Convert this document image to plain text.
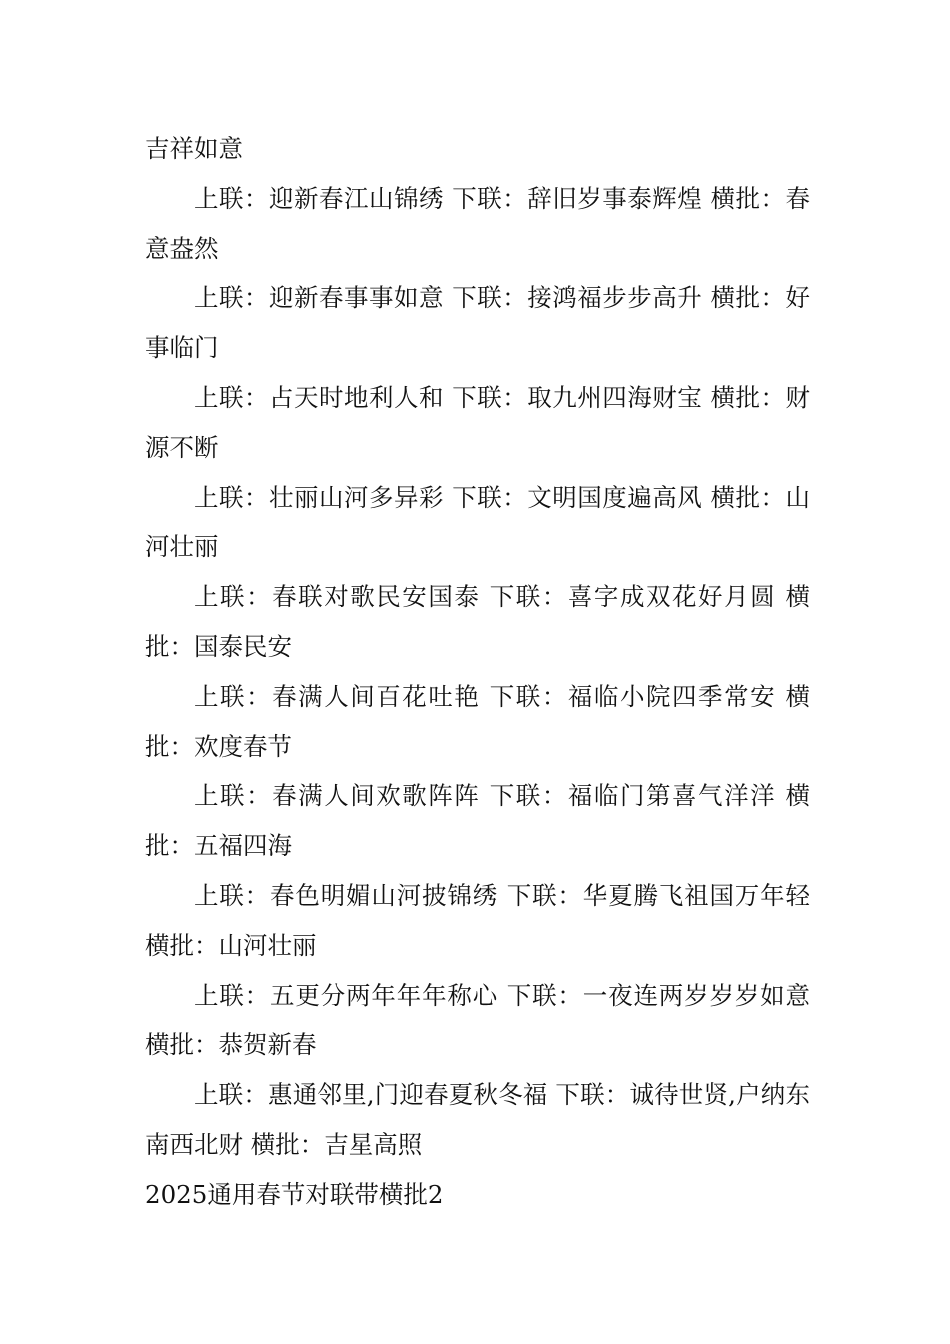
吉祥如意

上联：迎新春江山锦绣 下联：辞旧岁事泰辉煌 横批：春意盎然

上联：迎新春事事如意 下联：接鸿福步步高升 横批：好事临门

上联：占天时地利人和 下联：取九州四海财宝 横批：财源不断

上联：壮丽山河多异彩 下联：文明国度遍高风 横批：山河壮丽

上联：春联对歌民安国泰 下联：喜字成双花好月圆 横批：国泰民安

上联：春满人间百花吐艳 下联：福临小院四季常安 横批：欢度春节

上联：春满人间欢歌阵阵 下联：福临门第喜气洋洋 横批：五福四海

上联：春色明媚山河披锦绣 下联：华夏腾飞祖国万年轻 横批：山河壮丽

上联：五更分两年年年称心 下联：一夜连两岁岁岁如意 横批：恭贺新春

上联：惠通邻里,门迎春夏秋冬福 下联：诚待世贤,户纳东南西北财 横批：吉星高照

2025通用春节对联带横批2
